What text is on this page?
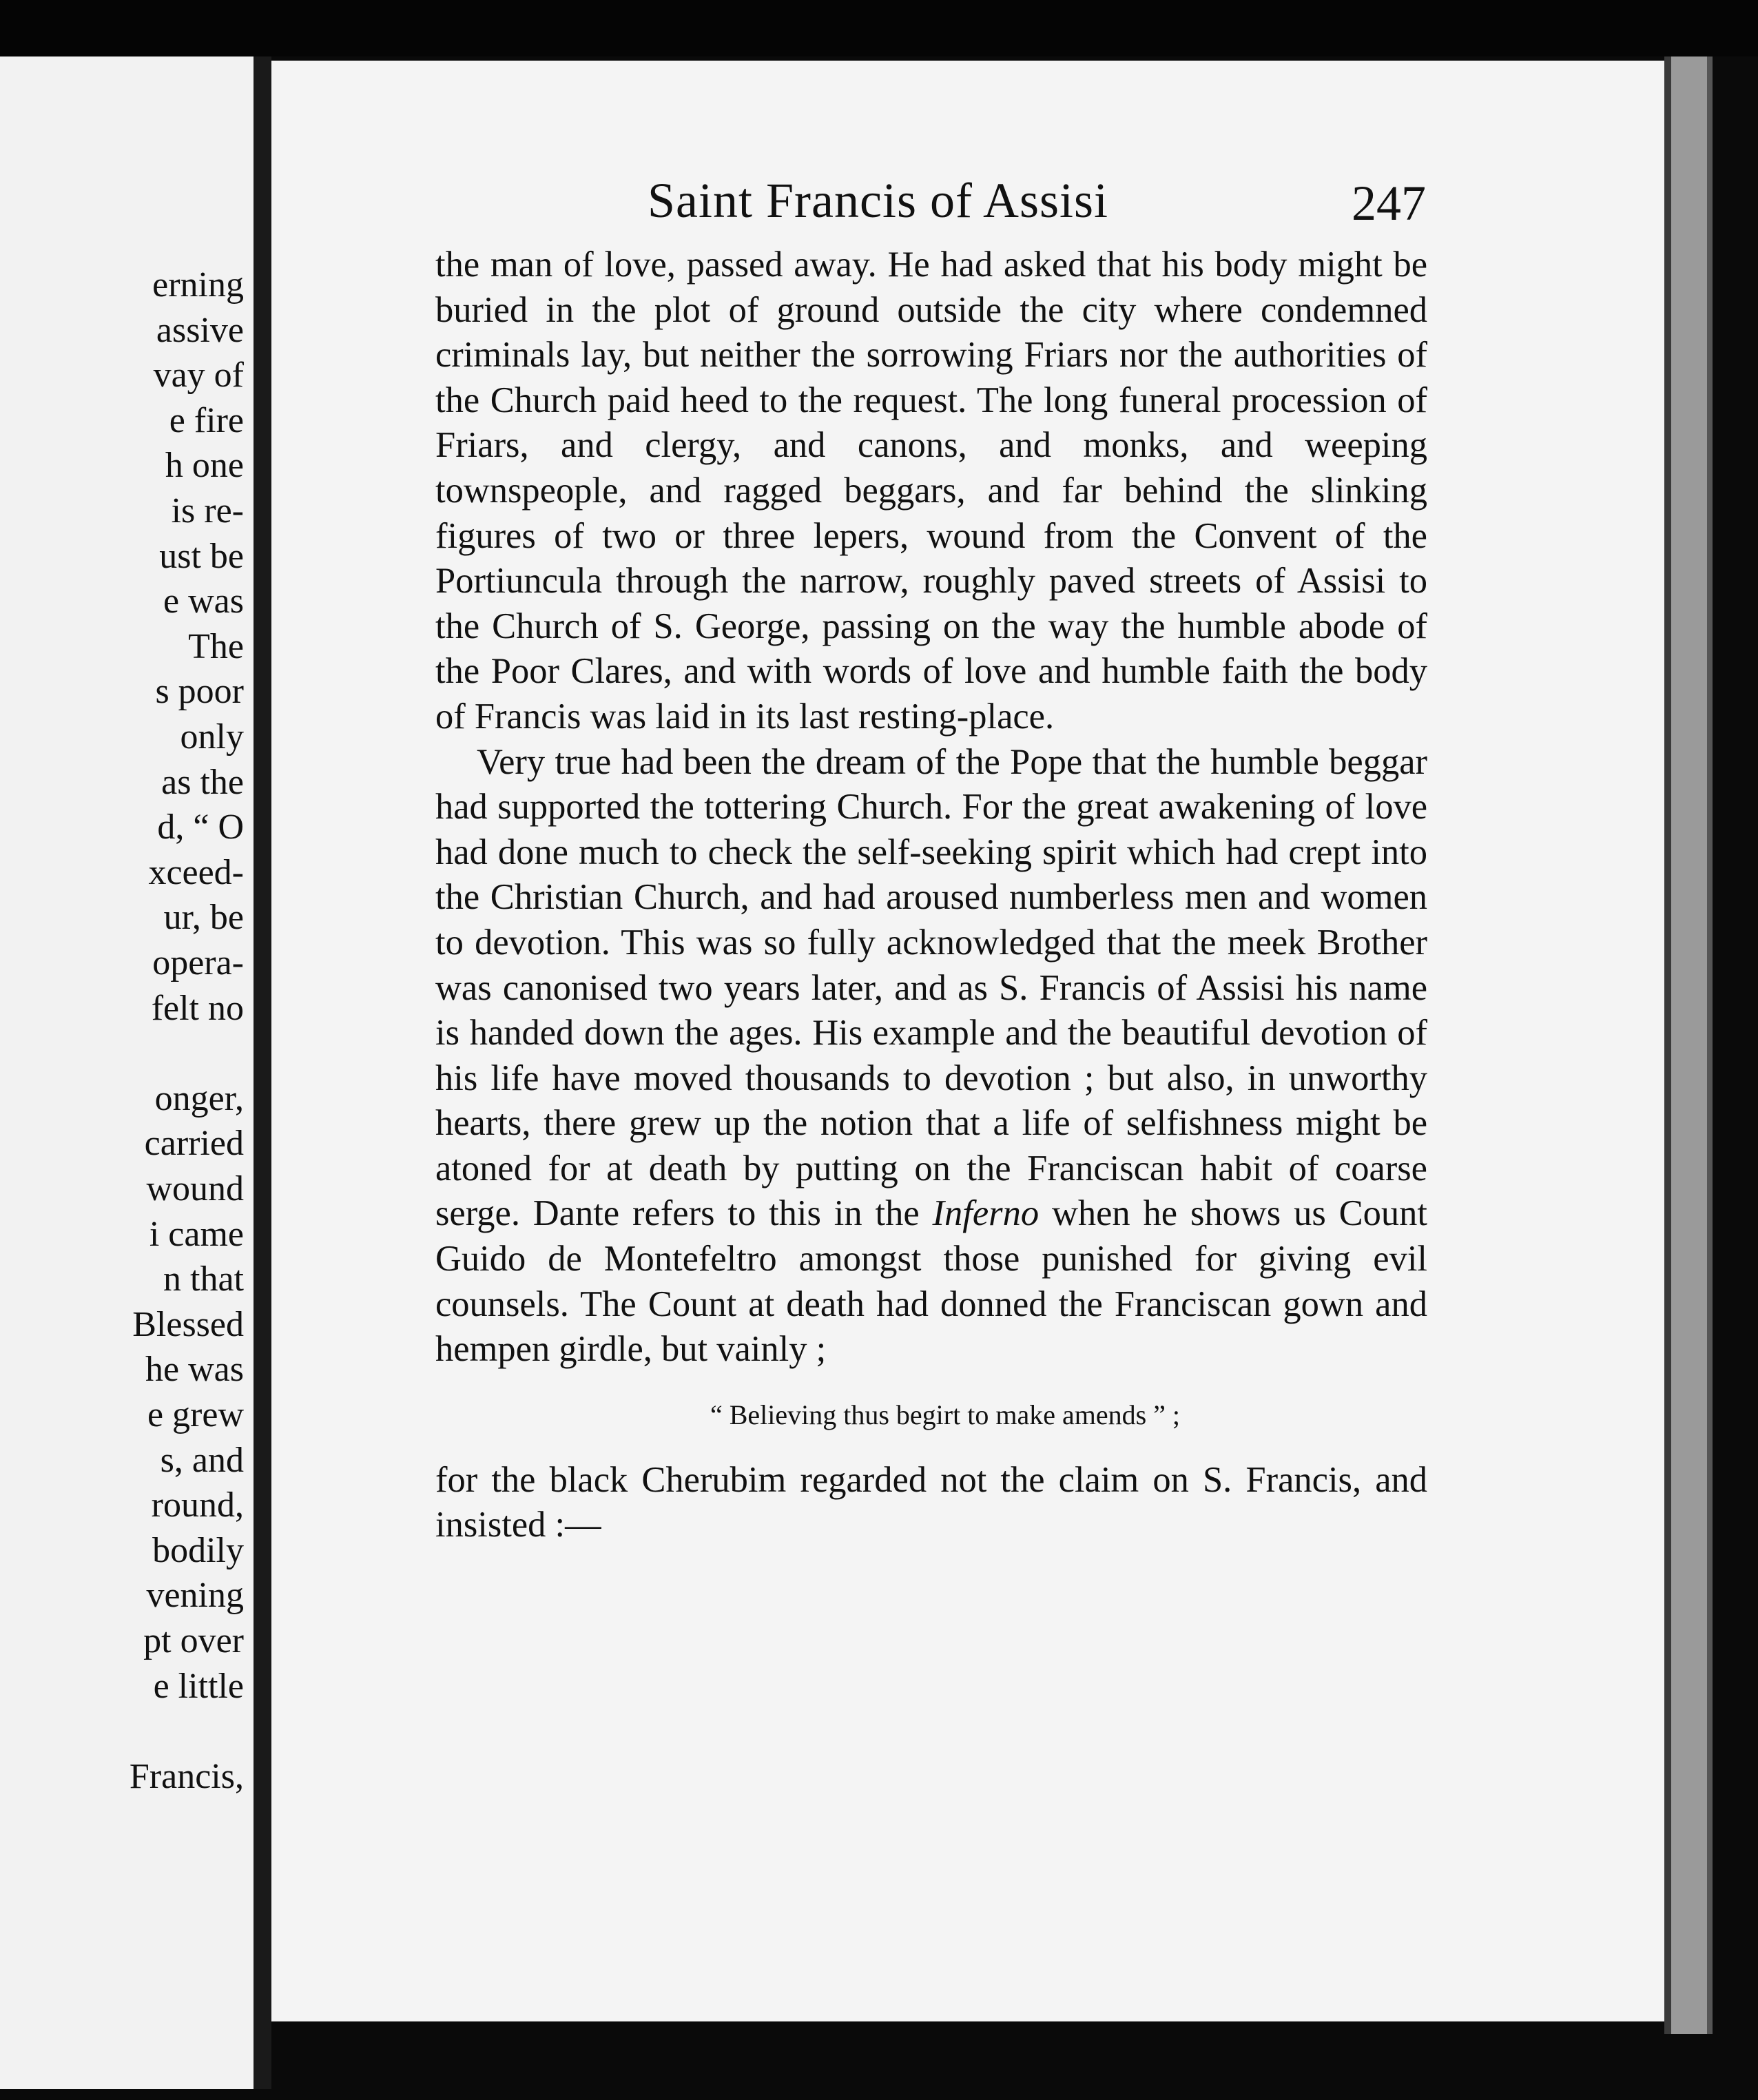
erning

assive

vay of

e fire

h one

is re-

ust be

e was

The

s poor

only

as the

d, “ O

xceed-

ur, be

opera-

felt no

onger,

carried

wound

i came

n that

Blessed

he was

e grew

s, and

round,

bodily

vening

pt over

e little

Francis,

Saint Francis of Assisi	247

the man of love, passed away. He had asked that his body might be buried in the plot of ground outside the city where condemned criminals lay, but neither the sorrowing Friars nor the authorities of the Church paid heed to the request. The long funeral procession of Friars, and clergy, and canons, and monks, and weeping townspeople, and ragged beggars, and far behind the slinking figures of two or three lepers, wound from the Convent of the Portiuncula through the narrow, roughly paved streets of Assisi to the Church of S. George, passing on the way the humble abode of the Poor Clares, and with words of love and humble faith the body of Francis was laid in its last resting-place.

Very true had been the dream of the Pope that the humble beggar had supported the tottering Church. For the great awakening of love had done much to check the self-seeking spirit which had crept into the Christian Church, and had aroused numberless men and women to devotion. This was so fully acknowledged that the meek Brother was canonised two years later, and as S. Francis of Assisi his name is handed down the ages. His example and the beautiful devotion of his life have moved thousands to devotion ; but also, in unworthy hearts, there grew up the notion that a life of selfishness might be atoned for at death by putting on the Franciscan habit of coarse serge. Dante refers to this in the Inferno when he shows us Count Guido de Montefeltro amongst those punished for giving evil counsels. The Count at death had donned the Franciscan gown and hempen girdle, but vainly ;

“ Believing thus begirt to make amends ” ;

for the black Cherubim regarded not the claim on S. Francis, and insisted :—
